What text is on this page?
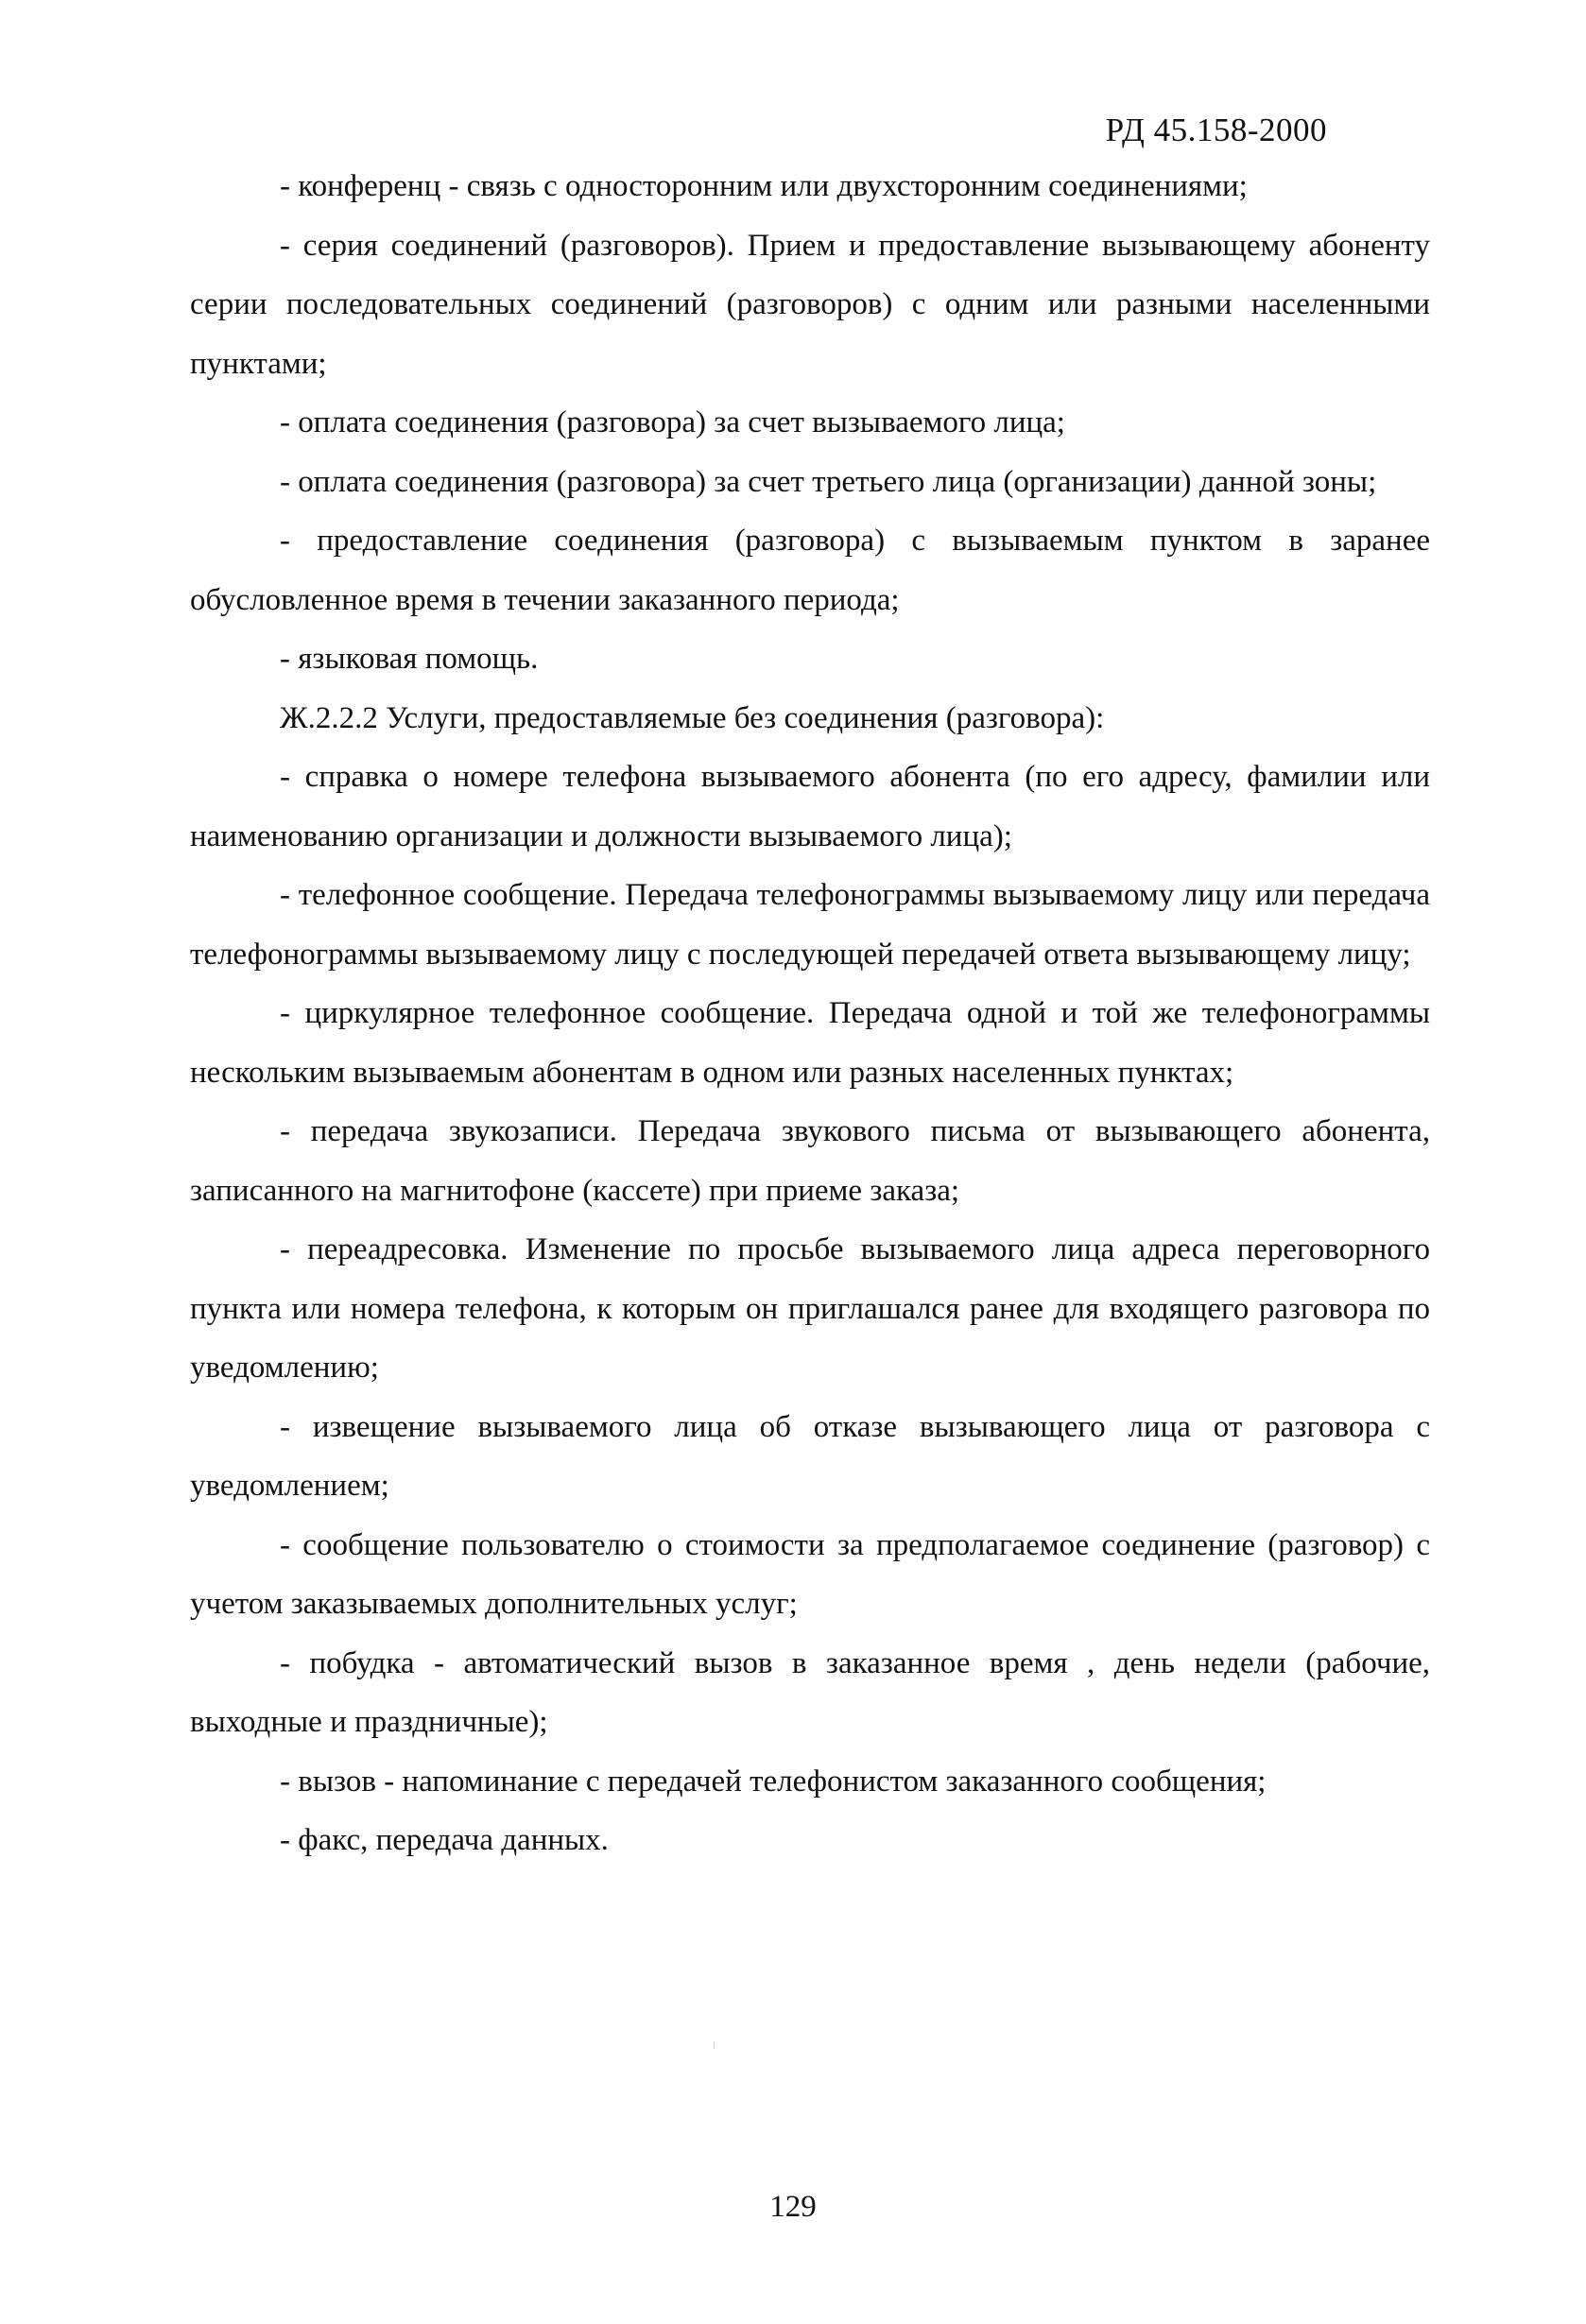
РД 45.158-2000

- конференц - связь с односторонним или двухсторонним соединениями;

- серия соединений (разговоров). Прием и предоставление вызывающему абоненту серии последовательных соединений (разговоров) с одним или разными населенными пунктами;

- оплата соединения (разговора) за счет вызываемого лица;

- оплата соединения (разговора) за счет третьего лица (организации) данной зоны;

- предоставление соединения (разговора) с вызываемым пунктом в заранее обусловленное время в течении заказанного периода;

- языковая помощь.

Ж.2.2.2 Услуги, предоставляемые без соединения (разговора):

- справка о номере телефона вызываемого абонента (по его адресу, фамилии или наименованию организации и должности вызываемого лица);

- телефонное сообщение. Передача телефонограммы вызываемому лицу или передача телефонограммы вызываемому лицу с последующей передачей ответа вызывающему лицу;

- циркулярное телефонное сообщение. Передача одной и той же телефонограммы нескольким вызываемым абонентам в одном или разных населенных пунктах;

- передача звукозаписи. Передача звукового письма от вызывающего абонента, записанного на магнитофоне (кассете) при приеме заказа;

- переадресовка. Изменение по просьбе вызываемого лица адреса переговорного пункта или номера телефона, к которым он приглашался ранее для входящего разговора по уведомлению;

- извещение вызываемого лица об отказе вызывающего лица от разговора с уведомлением;

- сообщение пользователю о стоимости за предполагаемое соединение (разговор) с учетом заказываемых дополнительных услуг;

- побудка - автоматический вызов в заказанное время , день недели (рабочие, выходные и праздничные);

- вызов - напоминание с передачей телефонистом заказанного сообщения;

- факс, передача данных.

129
